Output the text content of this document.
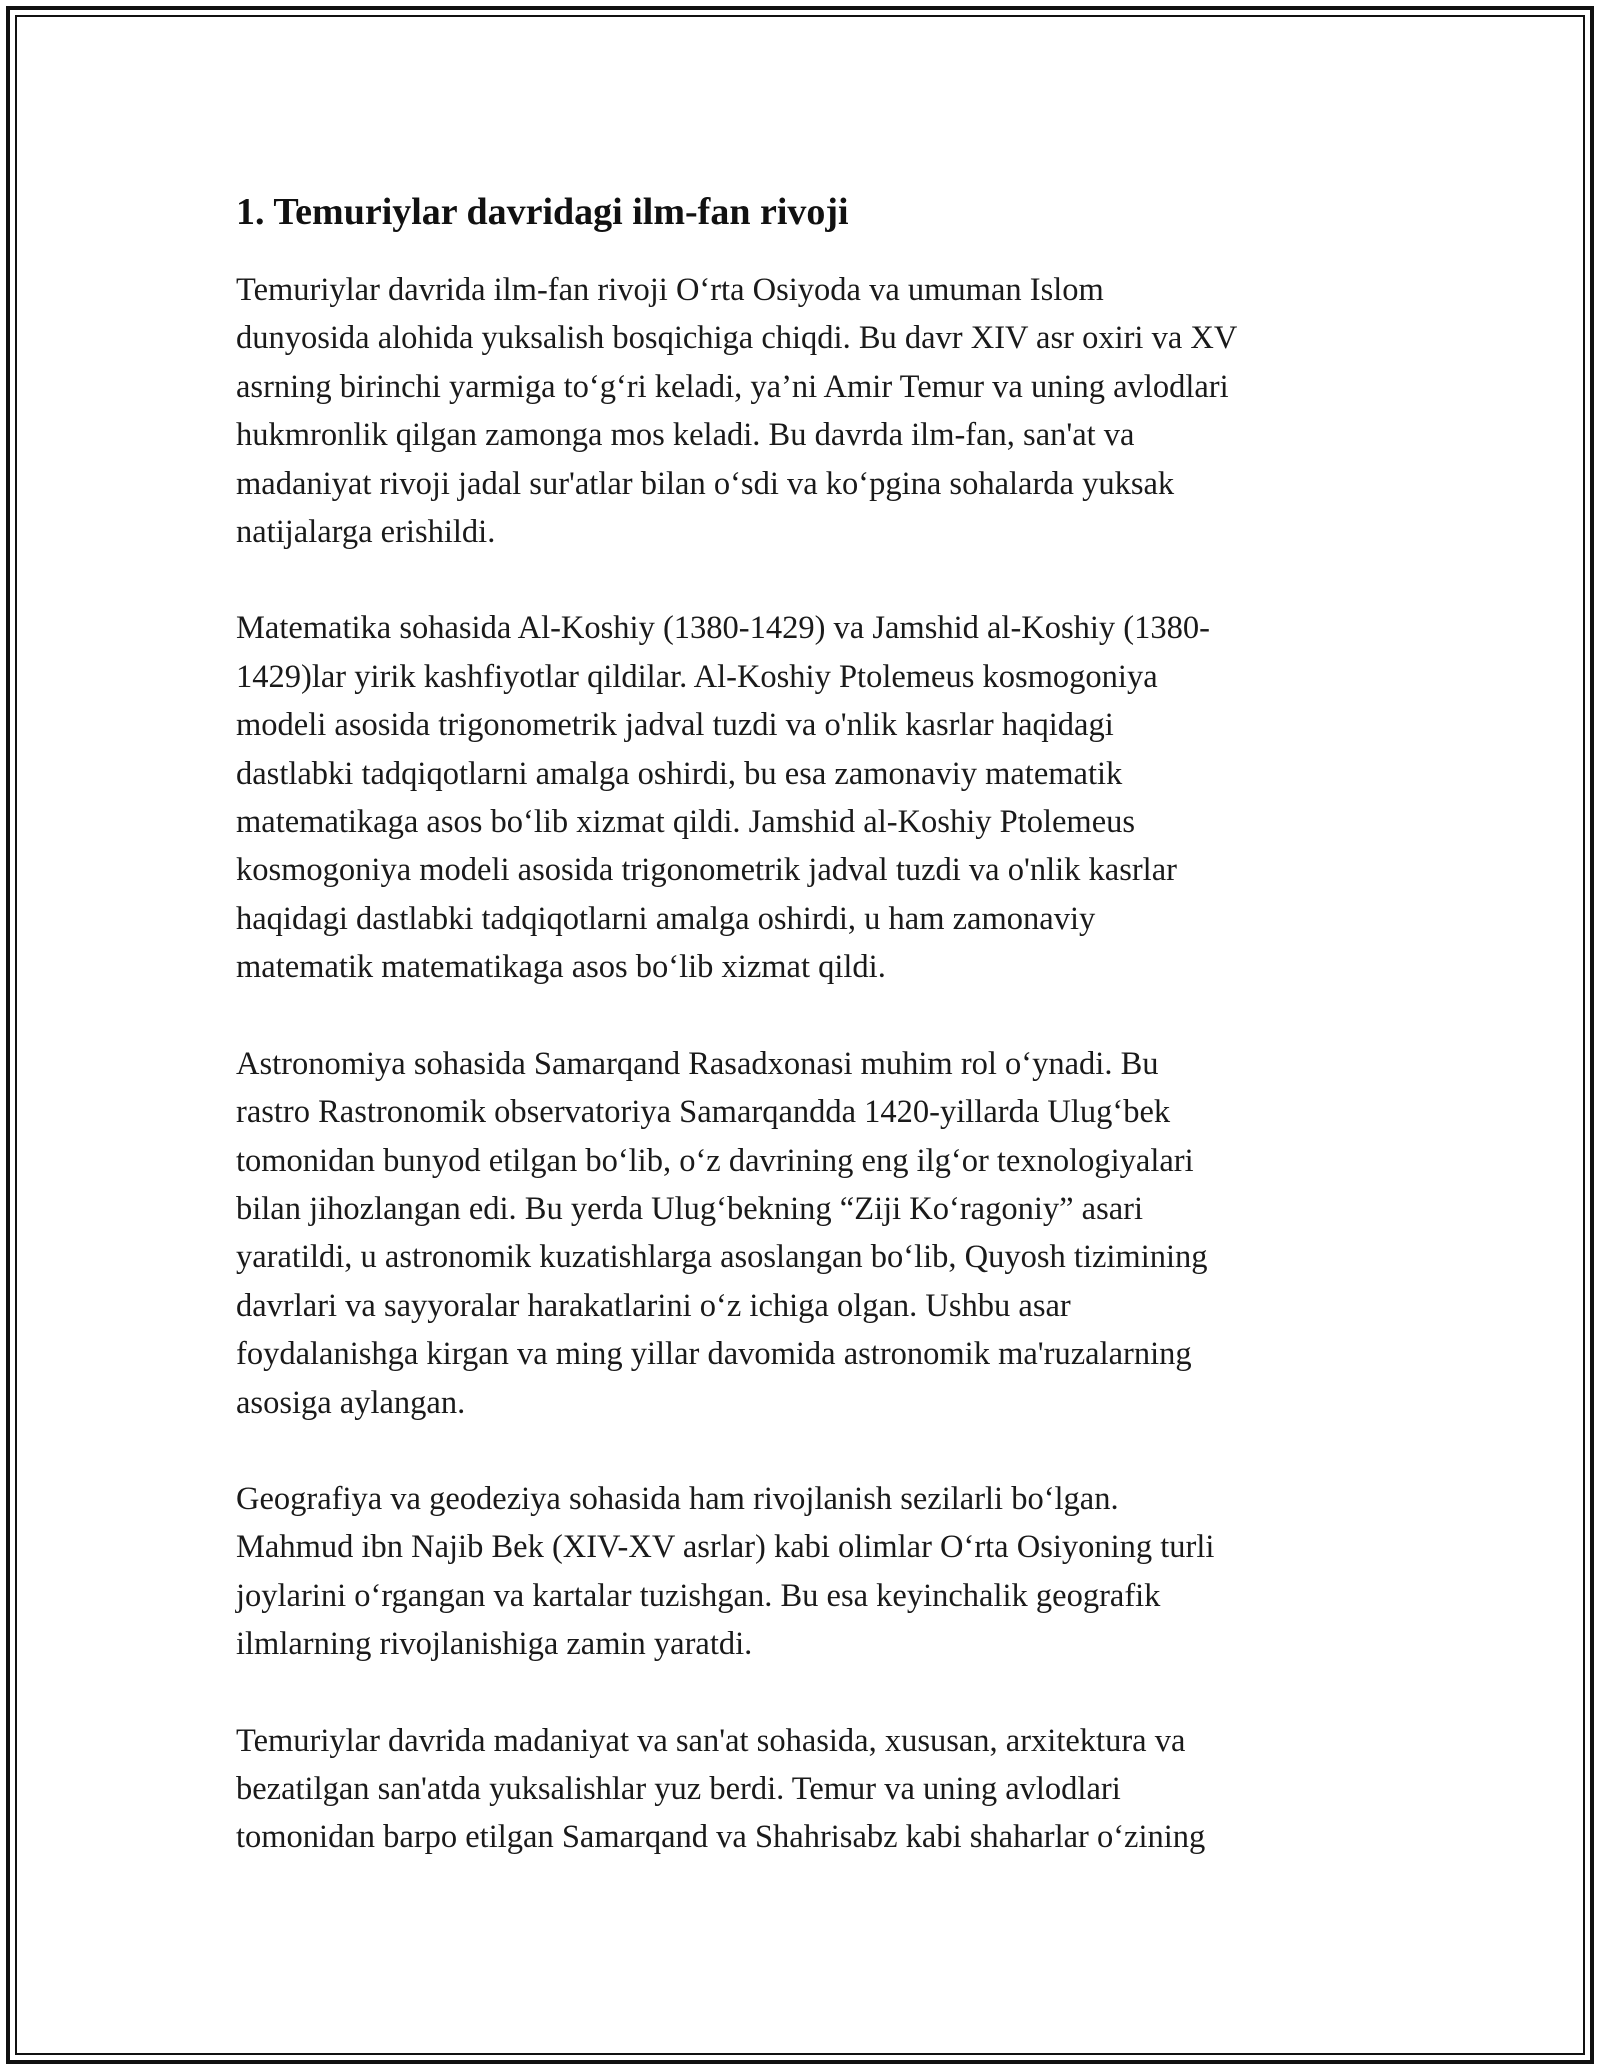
1. Temuriylar davridagi ilm-fan rivoji

Temuriylar davrida ilm-fan rivoji O‘rta Osiyoda va umuman Islom
dunyosida alohida yuksalish bosqichiga chiqdi. Bu davr XIV asr oxiri va XV
asrning birinchi yarmiga to‘g‘ri keladi, ya’ni Amir Temur va uning avlodlari
hukmronlik qilgan zamonga mos keladi. Bu davrda ilm-fan, san'at va
madaniyat rivoji jadal sur'atlar bilan o‘sdi va ko‘pgina sohalarda yuksak
natijalarga erishildi.

Matematika sohasida Al-Koshiy (1380-1429) va Jamshid al-Koshiy (1380-
1429)lar yirik kashfiyotlar qildilar. Al-Koshiy Ptolemeus kosmogoniya
modeli asosida trigonometrik jadval tuzdi va o'nlik kasrlar haqidagi
dastlabki tadqiqotlarni amalga oshirdi, bu esa zamonaviy matematik
matematikaga asos bo‘lib xizmat qildi. Jamshid al-Koshiy Ptolemeus
kosmogoniya modeli asosida trigonometrik jadval tuzdi va o'nlik kasrlar
haqidagi dastlabki tadqiqotlarni amalga oshirdi, u ham zamonaviy
matematik matematikaga asos bo‘lib xizmat qildi.

Astronomiya sohasida Samarqand Rasadxonasi muhim rol o‘ynadi. Bu
rastro Rastronomik observatoriya Samarqandda 1420-yillarda Ulug‘bek
tomonidan bunyod etilgan bo‘lib, o‘z davrining eng ilg‘or texnologiyalari
bilan jihozlangan edi. Bu yerda Ulug‘bekning “Ziji Ko‘ragoniy” asari
yaratildi, u astronomik kuzatishlarga asoslangan bo‘lib, Quyosh tizimining
davrlari va sayyoralar harakatlarini o‘z ichiga olgan. Ushbu asar
foydalanishga kirgan va ming yillar davomida astronomik ma'ruzalarning
asosiga aylangan.

Geografiya va geodeziya sohasida ham rivojlanish sezilarli bo‘lgan.
Mahmud ibn Najib Bek (XIV-XV asrlar) kabi olimlar O‘rta Osiyoning turli
joylarini o‘rgangan va kartalar tuzishgan. Bu esa keyinchalik geografik
ilmlarning rivojlanishiga zamin yaratdi.

Temuriylar davrida madaniyat va san'at sohasida, xususan, arxitektura va
bezatilgan san'atda yuksalishlar yuz berdi. Temur va uning avlodlari
tomonidan barpo etilgan Samarqand va Shahrisabz kabi shaharlar o‘zining
